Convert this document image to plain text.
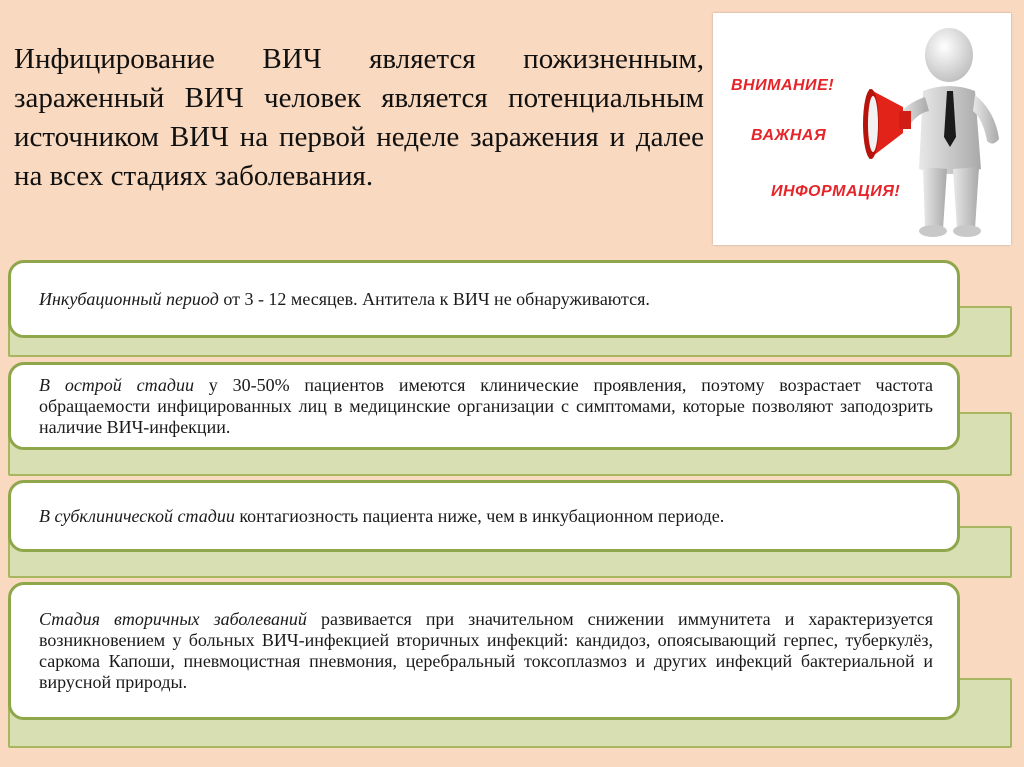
Инфицирование ВИЧ является пожизненным, зараженный ВИЧ человек является потенциальным источником ВИЧ на первой неделе заражения и далее на всех стадиях заболевания.
ВНИМАНИЕ!
ВАЖНАЯ
ИНФОРМАЦИЯ!
Инкубационный период от 3 - 12 месяцев. Антитела к ВИЧ не обнаруживаются.
В острой стадии у 30-50% пациентов имеются клинические проявления, поэтому возрастает частота обращаемости инфицированных лиц в медицинские организации с симптомами, которые позволяют заподозрить наличие ВИЧ-инфекции.
В субклинической стадии контагиозность пациента ниже, чем в инкубационном периоде.
Стадия вторичных заболеваний развивается при значительном снижении иммунитета и характеризуется возникновением у больных ВИЧ-инфекцией вторичных инфекций: кандидоз, опоясывающий герпес, туберкулёз, саркома Капоши, пневмоцистная пневмония, церебральный токсоплазмоз и других инфекций бактериальной и вирусной природы.
